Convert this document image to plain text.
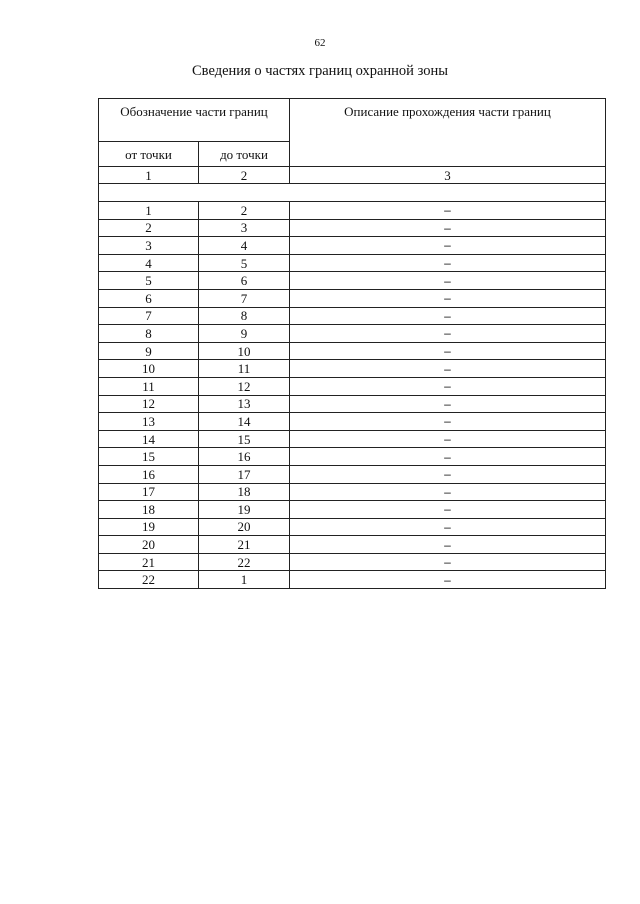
62
Сведения о частях границ охранной зоны
Обозначение части границ		Описание прохождения части границ
от точки	до точки	
1	2	3

1	2	–
2	3	–
3	4	–
4	5	–
5	6	–
6	7	–
7	8	–
8	9	–
9	10	–
10	11	–
11	12	–
12	13	–
13	14	–
14	15	–
15	16	–
16	17	–
17	18	–
18	19	–
19	20	–
20	21	–
21	22	–
22	1	–
